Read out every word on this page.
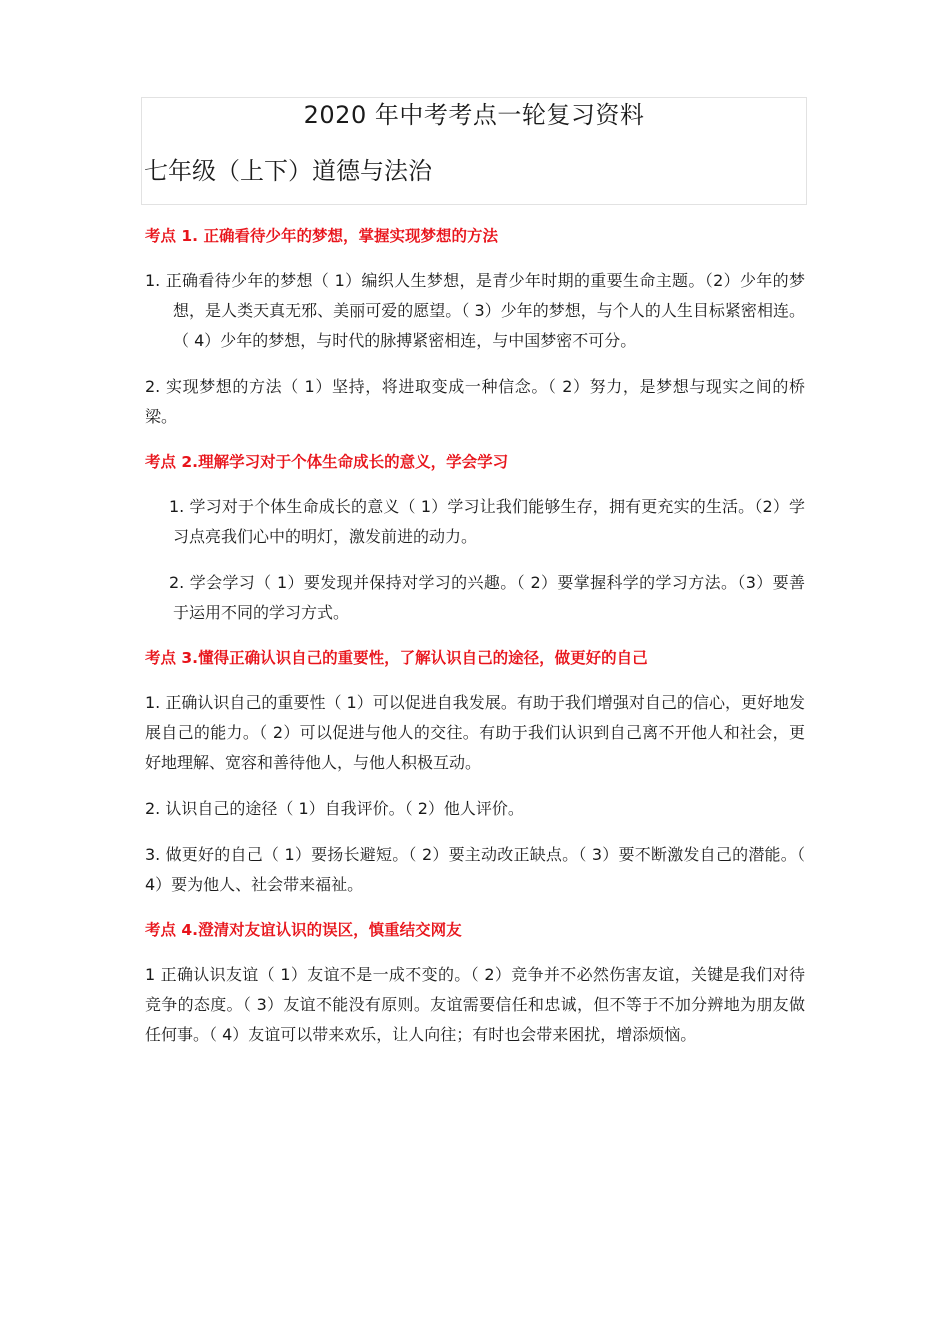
2020 年中考考点一轮复习资料
七年级（上下）道德与法治
考点 1. 正确看待少年的梦想，掌握实现梦想的方法

1. 正确看待少年的梦想（ 1）编织人生梦想，是青少年时期的重要生命主题。（2）少年的梦想，是人类天真无邪、美丽可爱的愿望。（ 3）少年的梦想，与个人的人生目标紧密相连。（ 4）少年的梦想，与时代的脉搏紧密相连，与中国梦密不可分。

2. 实现梦想的方法（ 1）坚持，将进取变成一种信念。（ 2）努力，是梦想与现实之间的桥梁。

考点 2.理解学习对于个体生命成长的意义，学会学习

1. 学习对于个体生命成长的意义（ 1）学习让我们能够生存，拥有更充实的生活。（2）学习点亮我们心中的明灯，激发前进的动力。

2. 学会学习（ 1）要发现并保持对学习的兴趣。（ 2）要掌握科学的学习方法。（3）要善于运用不同的学习方式。

考点 3.懂得正确认识自己的重要性，了解认识自己的途径，做更好的自己

1. 正确认识自己的重要性（ 1）可以促进自我发展。有助于我们增强对自己的信心，更好地发展自己的能力。（ 2）可以促进与他人的交往。有助于我们认识到自己离不开他人和社会，更好地理解、宽容和善待他人，与他人积极互动。

2. 认识自己的途径（ 1）自我评价。（ 2）他人评价。

3. 做更好的自己（ 1）要扬长避短。（ 2）要主动改正缺点。（ 3）要不断激发自己的潜能。（ 4）要为他人、社会带来福祉。

考点 4.澄清对友谊认识的误区，慎重结交网友

1 正确认识友谊（ 1）友谊不是一成不变的。（ 2）竞争并不必然伤害友谊，关键是我们对待竞争的态度。（ 3）友谊不能没有原则。友谊需要信任和忠诚，但不等于不加分辨地为朋友做任何事。（ 4）友谊可以带来欢乐，让人向往；有时也会带来困扰，增添烦恼。
